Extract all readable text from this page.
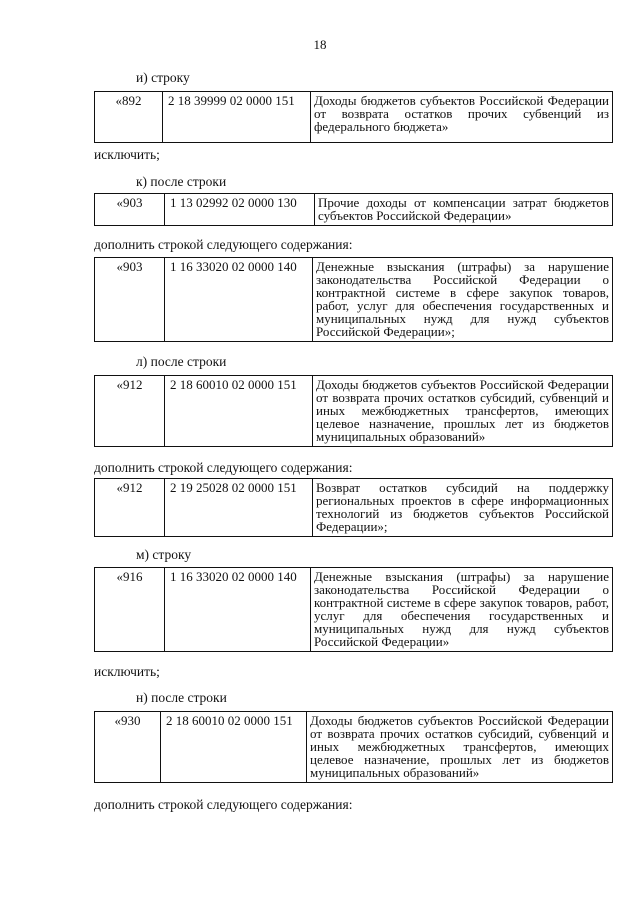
18
и) строку
«892	2 18 39999 02 0000 151	Доходы бюджетов субъектов Российской Федерации от возврата остатков прочих субвенций из федерального бюджета»
исключить;
к) после строки
«903	1 13 02992 02 0000 130	Прочие доходы от компенсации затрат бюджетов субъектов Российской Федерации»
дополнить строкой следующего содержания:
«903	1 16 33020 02 0000 140	Денежные взыскания (штрафы) за нарушение законодательства Российской Федерации о контрактной системе в сфере закупок товаров, работ, услуг для обеспечения государственных и муниципальных нужд для нужд субъектов Российской Федерации»;
л) после строки
«912	2 18 60010 02 0000 151	Доходы бюджетов субъектов Российской Федерации от возврата прочих остатков субсидий, субвенций и иных межбюджетных трансфертов, имеющих целевое назначение, прошлых лет из бюджетов муниципальных образований»
дополнить строкой следующего содержания:
«912	2 19 25028 02 0000 151	Возврат остатков субсидий на поддержку региональных проектов в сфере информационных технологий из бюджетов субъектов Российской Федерации»;
м) строку
«916	1 16 33020 02 0000 140	Денежные взыскания (штрафы) за нарушение законодательства Российской Федерации о контрактной системе в сфере закупок товаров, работ, услуг для обеспечения государственных и муниципальных нужд для нужд субъектов Российской Федерации»
исключить;
н) после строки
«930	2 18 60010 02 0000 151	Доходы бюджетов субъектов Российской Федерации от возврата прочих остатков субсидий, субвенций и иных межбюджетных трансфертов, имеющих целевое назначение, прошлых лет из бюджетов муниципальных образований»
дополнить строкой следующего содержания:
